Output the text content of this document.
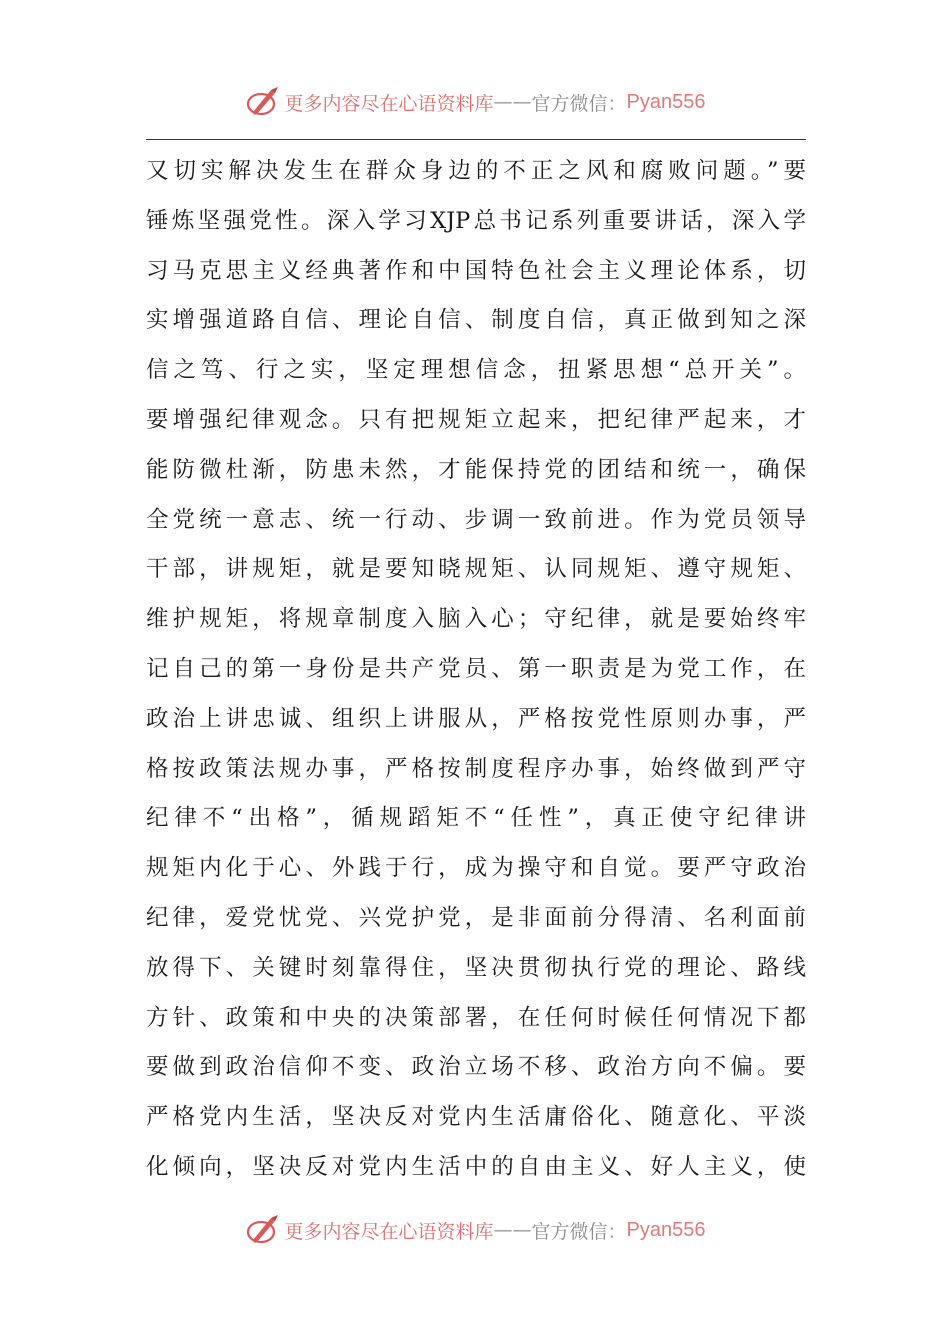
更多内容尽在心语资料库 —— 官方微信： Pyan556
又切实解决发生在群众身边的不正之风和腐败问题。”要
锤炼坚强党性。深入学习XJP总书记系列重要讲话，深入学
习马克思主义经典著作和中国特色社会主义理论体系，切
实增强道路自信、理论自信、制度自信，真正做到知之深
信之笃、行之实，坚定理想信念，扭紧思想“总开关”。
要增强纪律观念。只有把规矩立起来，把纪律严起来，才
能防微杜渐，防患未然，才能保持党的团结和统一，确保
全党统一意志、统一行动、步调一致前进。作为党员领导
干部，讲规矩，就是要知晓规矩、认同规矩、遵守规矩、
维护规矩，将规章制度入脑入心；守纪律，就是要始终牢
记自己的第一身份是共产党员、第一职责是为党工作，在
政治上讲忠诚、组织上讲服从，严格按党性原则办事，严
格按政策法规办事，严格按制度程序办事，始终做到严守
纪律不“出格”，循规蹈矩不“任性”，真正使守纪律讲
规矩内化于心、外践于行，成为操守和自觉。要严守政治
纪律，爱党忧党、兴党护党，是非面前分得清、名利面前
放得下、关键时刻靠得住，坚决贯彻执行党的理论、路线
方针、政策和中央的决策部署，在任何时候任何情况下都
要做到政治信仰不变、政治立场不移、政治方向不偏。要
严格党内生活，坚决反对党内生活庸俗化、随意化、平淡
化倾向，坚决反对党内生活中的自由主义、好人主义，使
更多内容尽在心语资料库 —— 官方微信： Pyan556
